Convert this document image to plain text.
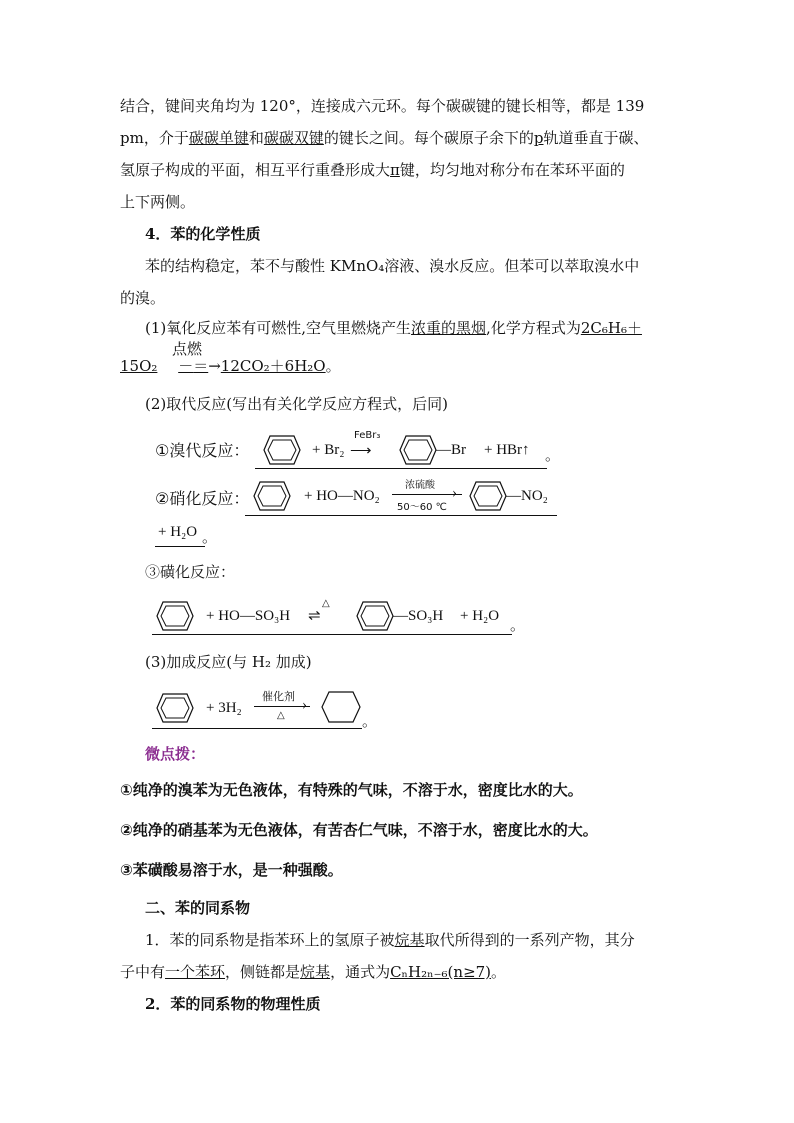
结合，键间夹角均为 120°，连接成六元环。每个碳碳键的键长相等，都是 139
pm，介于碳碳单键和碳碳双键的键长之间。每个碳原子余下的p轨道垂直于碳、
氢原子构成的平面，相互平行重叠形成大π键，均匀地对称分布在苯环平面的
上下两侧。
4．苯的化学性质
苯的结构稳定，苯不与酸性 KMnO₄溶液、溴水反应。但苯可以萃取溴水中
的溴。
(1)氧化反应苯有可燃性,空气里燃烧产生浓重的黑烟,化学方程式为2C₆H₆＋
点燃
15O₂ －＝→12CO₂＋6H₂O。
(2)取代反应(写出有关化学反应方程式，后同)
①溴代反应：	+ Br₂
FeBr₃
⟶	—Br + HBr↑ 。
②硝化反应：	+ HO—NO₂
浓硫酸 ›
50～60 ℃
—NO₂
+ H₂O 。
③磺化反应：
+ HO—SO₃H
△
⇌	—SO₃H + H₂O 。
(3)加成反应(与 H₂ 加成)
+ 3H₂
催化剂
›
△	。
微点拨：
①纯净的溴苯为无色液体，有特殊的气味，不溶于水，密度比水的大。
②纯净的硝基苯为无色液体，有苦杏仁气味，不溶于水，密度比水的大。
③苯磺酸易溶于水，是一种强酸。
二、苯的同系物
1．苯的同系物是指苯环上的氢原子被烷基取代所得到的一系列产物，其分
子中有一个苯环，侧链都是烷基，通式为CₙH₂ₙ₋₆(n≥7)。
2．苯的同系物的物理性质
